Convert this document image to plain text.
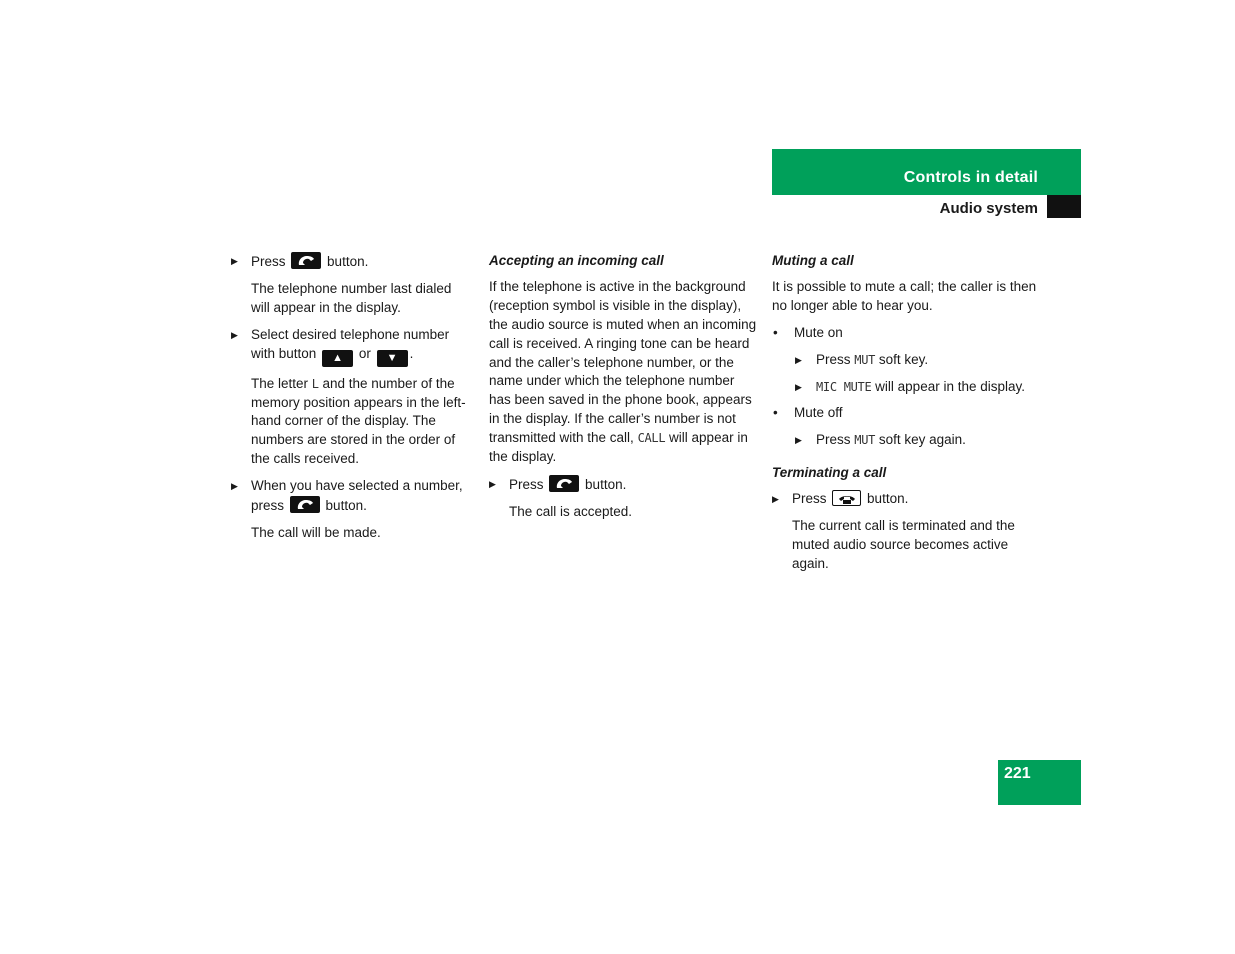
Controls in detail
Audio system
▶ Press	button.
The telephone number last dialed will appear in the display.
▶ Select desired telephone number with button ▲ or ▼ .
The letter L and the number of the memory position appears in the left-hand corner of the display. The numbers are stored in the order of the calls received.
▶ When you have selected a number, press	button.
The call will be made.
Accepting an incoming call
If the telephone is active in the background (reception symbol is visible in the display), the audio source is muted when an incoming call is received. A ringing tone can be heard and the caller’s telephone number, or the name under which the telephone number has been saved in the phone book, appears in the display. If the caller’s number is not transmitted with the call, CALL will appear in the display.
▶ Press	button.
The call is accepted.
Muting a call
It is possible to mute a call; the caller is then no longer able to hear you.
• Mute on
▶ Press MUT soft key.
▶ MIC MUTE will appear in the display.
• Mute off
▶ Press MUT soft key again.
Terminating a call
▶ Press	button.
The current call is terminated and the muted audio source becomes active again.
221
